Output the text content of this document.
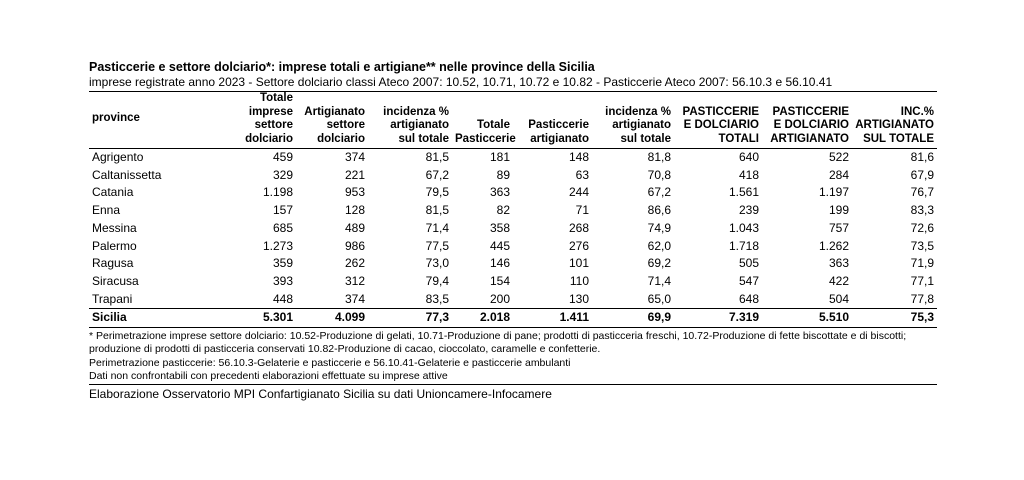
Pasticcerie e settore dolciario*: imprese totali e artigiane** nelle province della Sicilia
imprese registrate anno 2023 - Settore dolciario classi Ateco 2007: 10.52, 10.71, 10.72 e 10.82 - Pasticcerie Ateco 2007: 56.10.3 e 56.10.41
province	Totale imprese settore dolciario	Artigianato settore dolciario	incidenza % artigianato sul totale	Totale Pasticcerie	Pasticcerie artigianato	incidenza % artigianato sul totale	PASTICCERIE E DOLCIARIO TOTALI	PASTICCERIE E DOLCIARIO ARTIGIANATO	INC.% ARTIGIANATO SUL TOTALE
Agrigento	459	374	81,5	181	148	81,8	640	522	81,6
Caltanissetta	329	221	67,2	89	63	70,8	418	284	67,9
Catania	1.198	953	79,5	363	244	67,2	1.561	1.197	76,7
Enna	157	128	81,5	82	71	86,6	239	199	83,3
Messina	685	489	71,4	358	268	74,9	1.043	757	72,6
Palermo	1.273	986	77,5	445	276	62,0	1.718	1.262	73,5
Ragusa	359	262	73,0	146	101	69,2	505	363	71,9
Siracusa	393	312	79,4	154	110	71,4	547	422	77,1
Trapani	448	374	83,5	200	130	65,0	648	504	77,8
Sicilia	5.301	4.099	77,3	2.018	1.411	69,9	7.319	5.510	75,3
* Perimetrazione imprese settore dolciario: 10.52-Produzione di gelati, 10.71-Produzione di pane; prodotti di pasticceria freschi, 10.72-Produzione di fette biscottate e di biscotti; produzione di prodotti di pasticceria conservati 10.82-Produzione di cacao, cioccolato, caramelle e confetterie.
Perimetrazione pasticcerie: 56.10.3-Gelaterie e pasticcerie e 56.10.41-Gelaterie e pasticcerie ambulanti
Dati non confrontabili con precedenti elaborazioni effettuate su imprese attive
Elaborazione Osservatorio MPI Confartigianato Sicilia su dati Unioncamere-Infocamere
